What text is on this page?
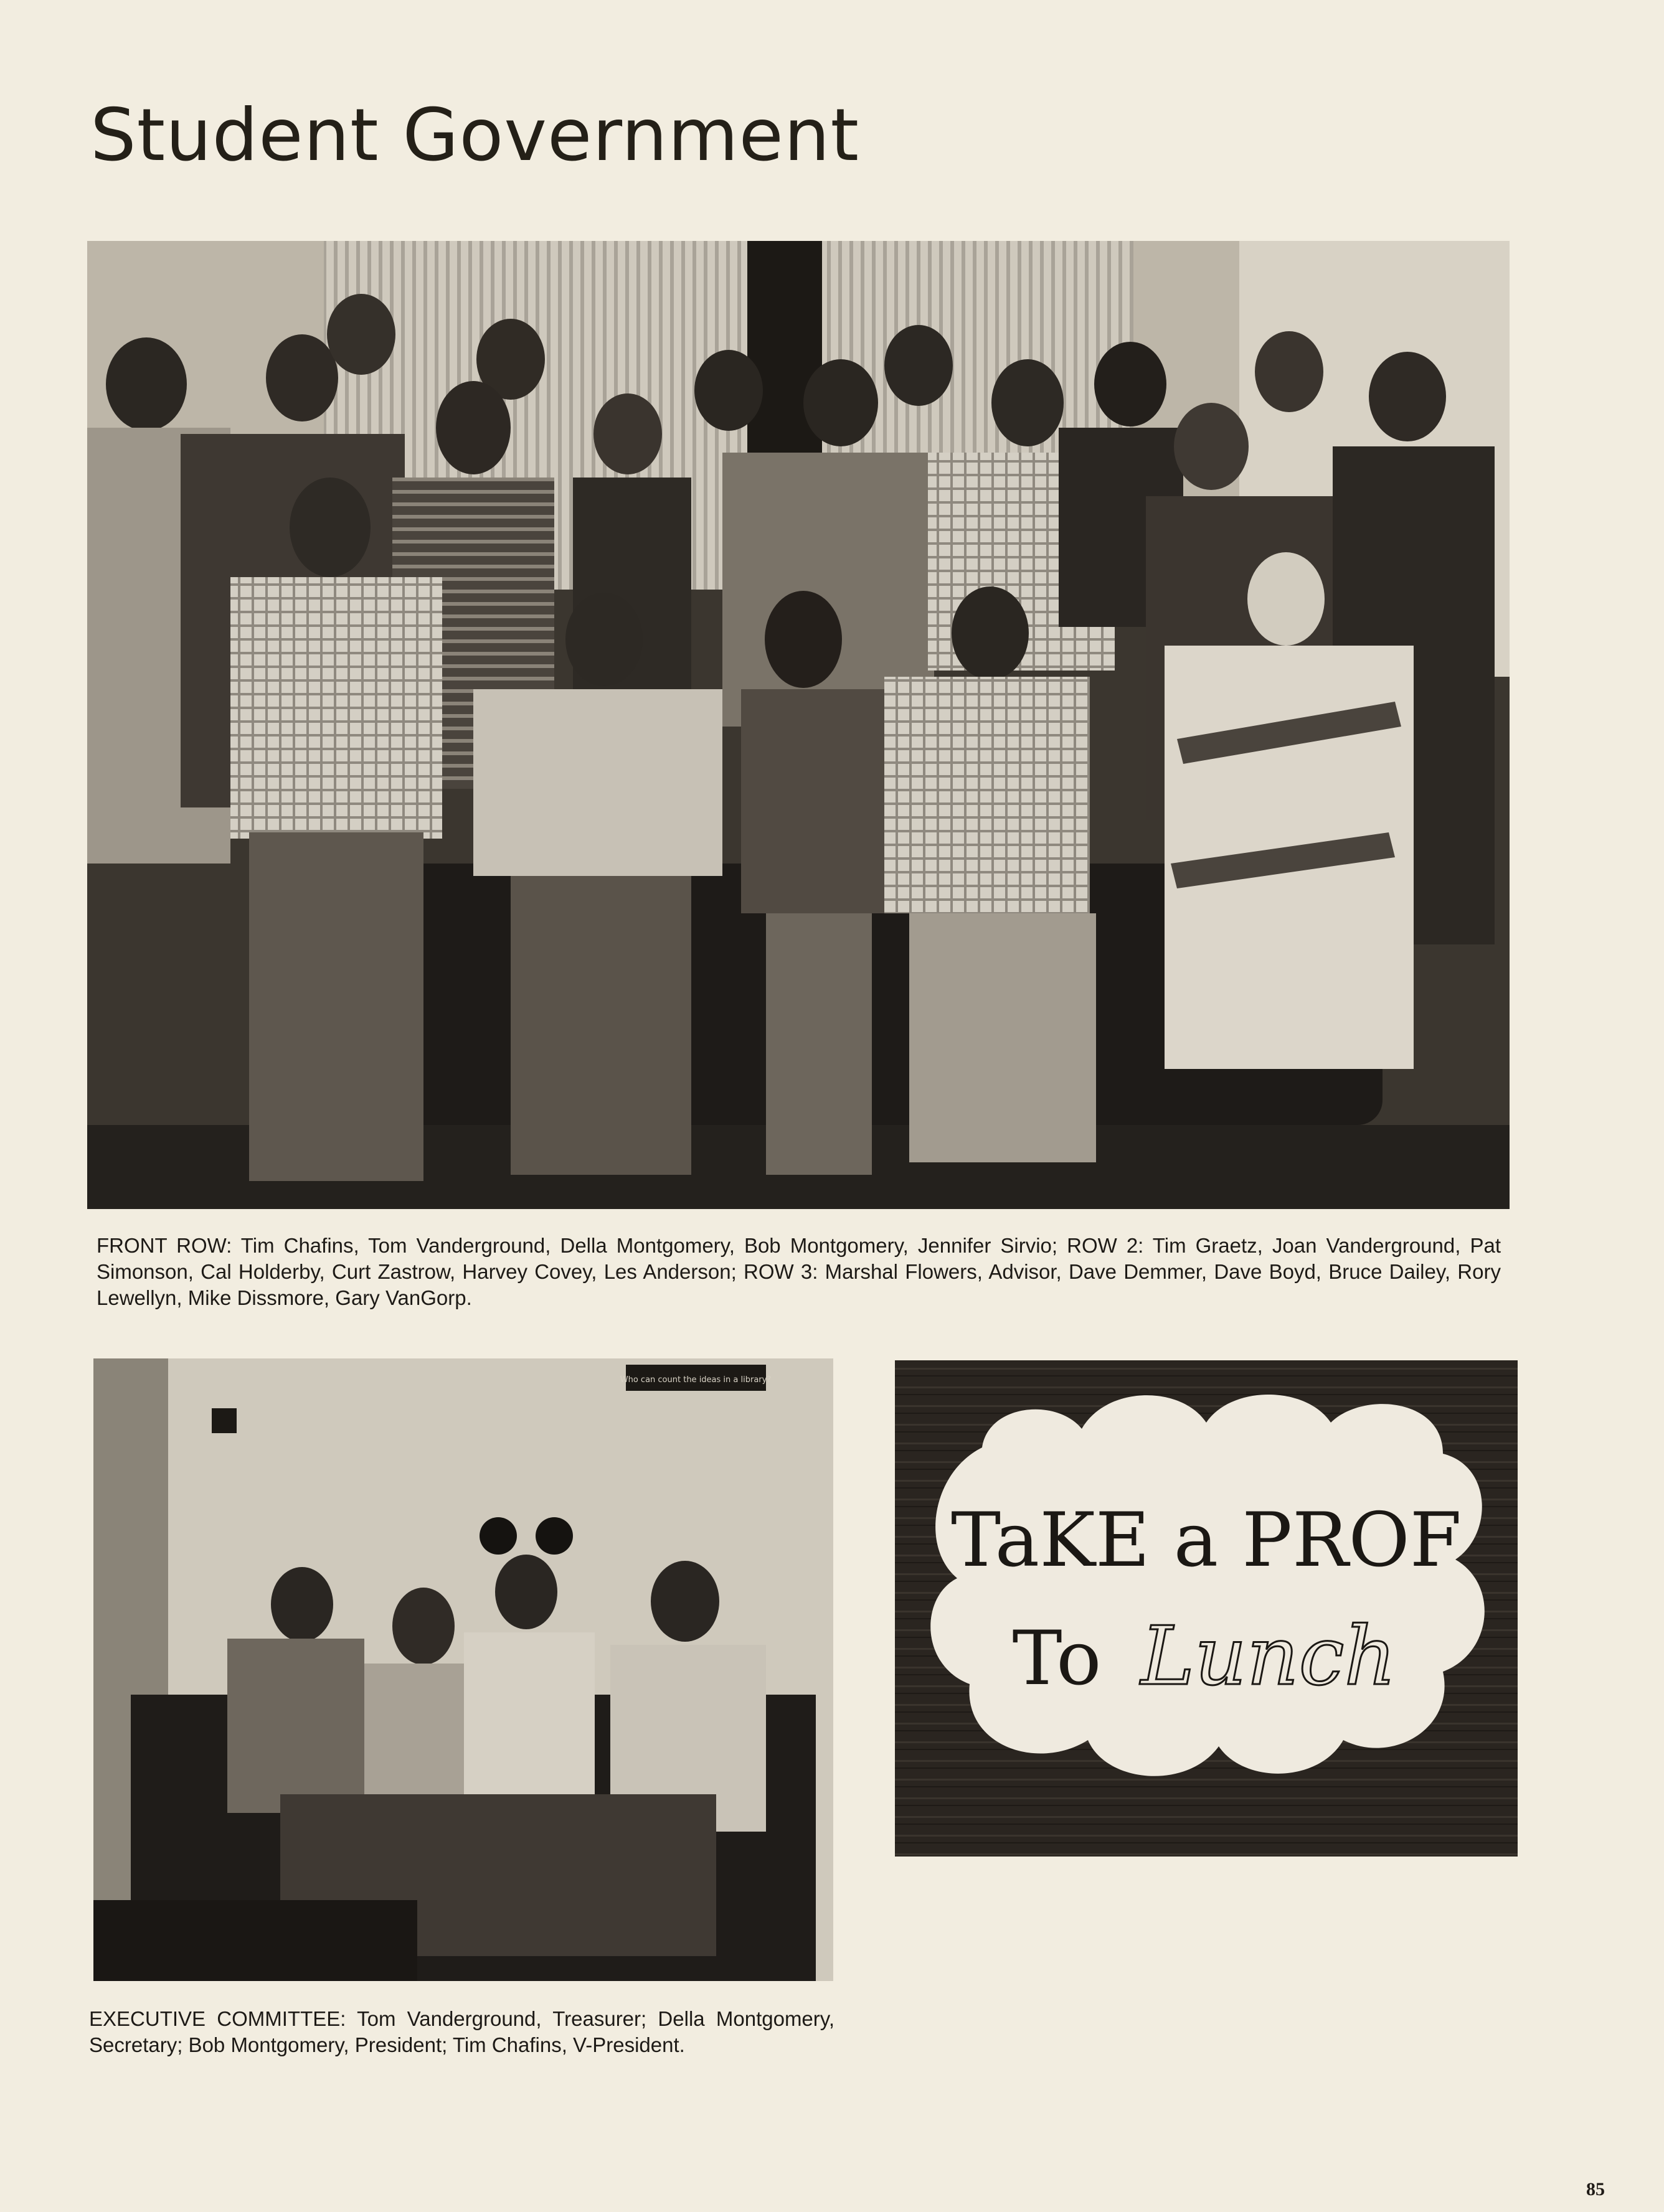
Student Government

FRONT ROW: Tim Chafins, Tom Vanderground, Della Montgomery, Bob Montgomery, Jennifer Sirvio; ROW 2: Tim Graetz, Joan Vanderground, Pat Simonson, Cal Holderby, Curt Zastrow, Harvey Covey, Les Anderson; ROW 3: Marshal Flowers, Advisor, Dave Demmer, Dave Boyd, Bruce Dailey, Rory Lewellyn, Mike Dissmore, Gary VanGorp.

Who can count the ideas in a library?

EXECUTIVE COMMITTEE: Tom Vanderground, Treasurer; Della Montgomery, Secretary; Bob Montgomery, President; Tim Chafins, V-President.

TaKE a PROF
To Lunch
85
